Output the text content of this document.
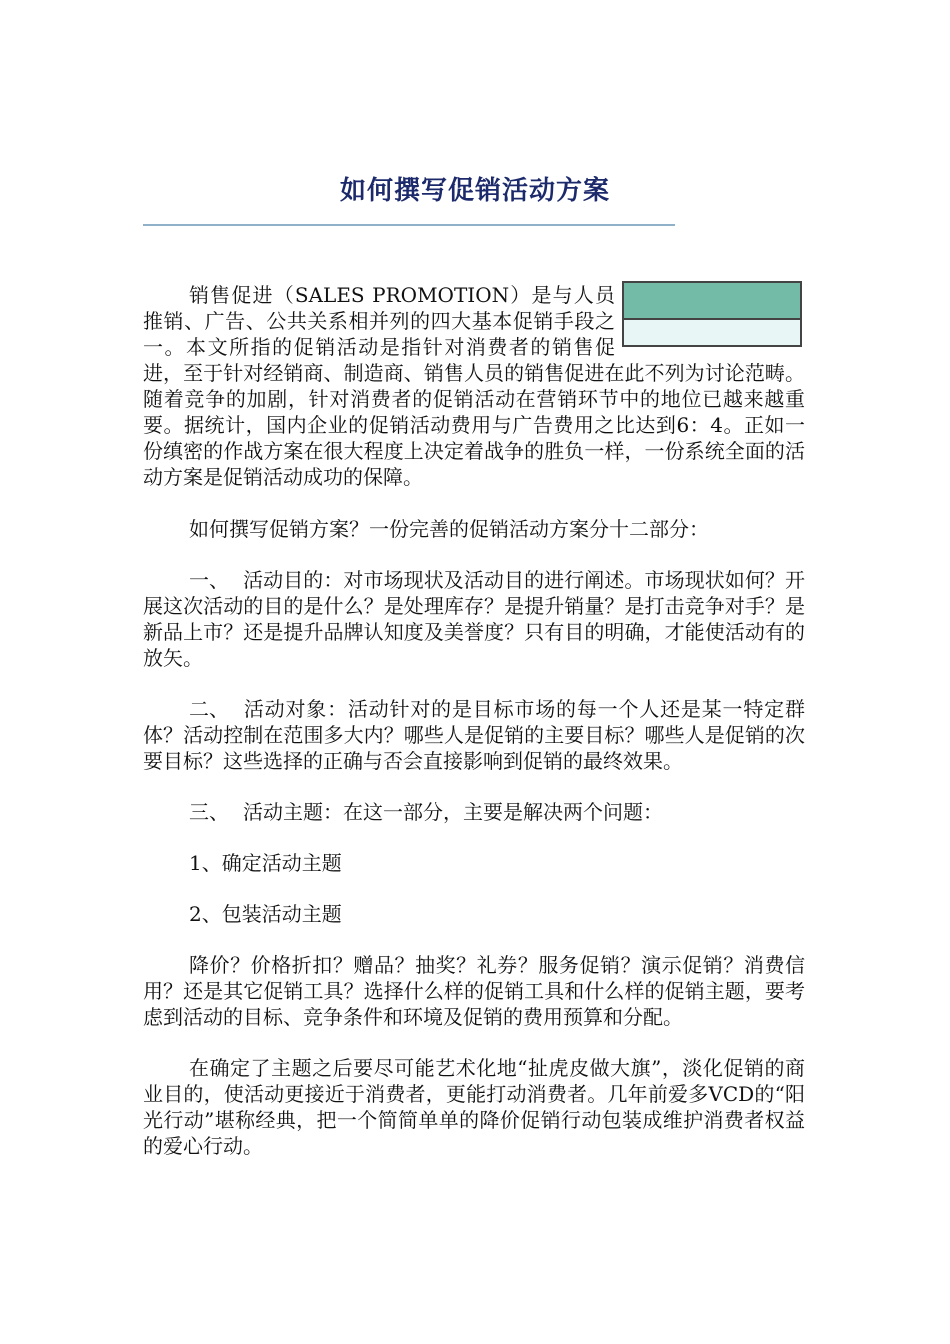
如何撰写促销活动方案

销售促进（SALES PROMOTION）是与人员推销、广告、公共关系相并列的四大基本促销手段之一。本文所指的促销活动是指针对消费者的销售促进，至于针对经销商、制造商、销售人员的销售促进在此不列为讨论范畴。随着竞争的加剧，针对消费者的促销活动在营销环节中的地位已越来越重要。据统计，国内企业的促销活动费用与广告费用之比达到6：4。正如一份缜密的作战方案在很大程度上决定着战争的胜负一样，一份系统全面的活动方案是促销活动成功的保障。

如何撰写促销方案？一份完善的促销活动方案分十二部分：

一、 活动目的：对市场现状及活动目的进行阐述。市场现状如何？开展这次活动的目的是什么？是处理库存？是提升销量？是打击竞争对手？是新品上市？还是提升品牌认知度及美誉度？只有目的明确，才能使活动有的放矢。

二、 活动对象：活动针对的是目标市场的每一个人还是某一特定群体？活动控制在范围多大内？哪些人是促销的主要目标？哪些人是促销的次要目标？这些选择的正确与否会直接影响到促销的最终效果。

三、 活动主题：在这一部分，主要是解决两个问题：

1、确定活动主题

2、包装活动主题

降价？价格折扣？赠品？抽奖？礼券？服务促销？演示促销？消费信用？还是其它促销工具？选择什么样的促销工具和什么样的促销主题，要考虑到活动的目标、竞争条件和环境及促销的费用预算和分配。

在确定了主题之后要尽可能艺术化地“扯虎皮做大旗”，淡化促销的商业目的，使活动更接近于消费者，更能打动消费者。几年前爱多VCD的“阳光行动”堪称经典，把一个简简单单的降价促销行动包装成维护消费者权益的爱心行动。
